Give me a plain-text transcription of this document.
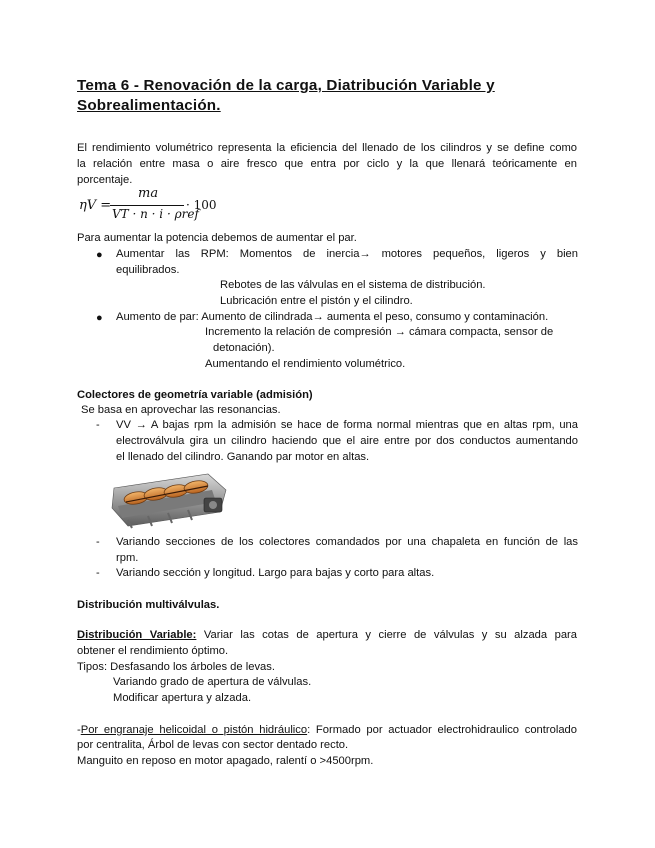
Tema 6 - Renovación de la carga, Diatribución Variable y
Sobrealimentación.
El rendimiento volumétrico representa la eficiencia del llenado de los cilindros y se define como
la relación entre masa o aire fresco que entra por ciclo y la que llenará teóricamente en
porcentaje.
ηV =
ma
VT · n · i · ρref
· 100
Para aumentar la potencia debemos de aumentar el par.
● Aumentar las RPM: Momentos de inercia→ motores pequeños, ligeros y bien
equilibrados.
Rebotes de las válvulas en el sistema de distribución.
Lubricación entre el pistón y el cilindro.
● Aumento de par: Aumento de cilindrada→ aumenta el peso, consumo y contaminación.
Incremento la relación de compresión → cámara compacta, sensor de
detonación).
Aumentando el rendimiento volumétrico.
Colectores de geometría variable (admisión)
Se basa en aprovechar las resonancias.
- VV → A bajas rpm la admisión se hace de forma normal mientras que en altas rpm, una
electroválvula gira un cilindro haciendo que el aire entre por dos conductos aumentando
el llenado del cilindro. Ganando par motor en altas.
- Variando secciones de los colectores comandados por una chapaleta en función de las
rpm.
- Variando sección y longitud. Largo para bajas y corto para altas.
Distribución multiválvulas.
Distribución Variable: Variar las cotas de apertura y cierre de válvulas y su alzada para
obtener el rendimiento óptimo.
Tipos: Desfasando los árboles de levas.
Variando grado de apertura de válvulas.
Modificar apertura y alzada.
-Por engranaje helicoidal o pistón hidráulico: Formado por actuador electrohidraulico controlado
por centralita, Árbol de levas con sector dentado recto.
Manguito en reposo en motor apagado, ralentí o >4500rpm.
